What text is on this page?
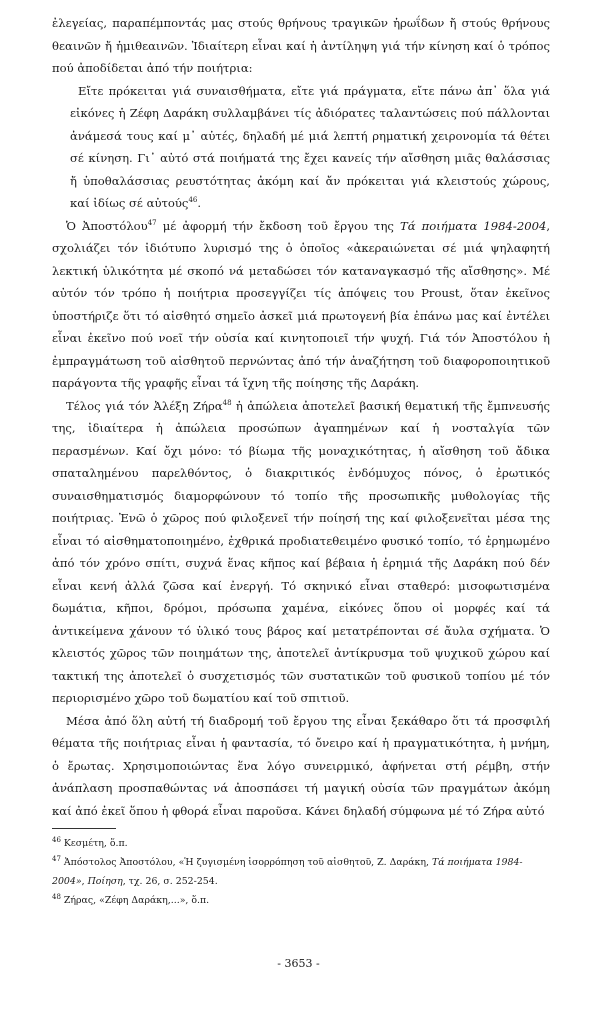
ἐλεγείας, παραπέμποντάς μας στούς θρήνους τραγικῶν ἡρωΐδων ἤ στούς θρήνους θεαινῶν ἤ ἡμιθεαινῶν. Ἰδιαίτερη εἶναι καί ἡ ἀντίληψη γιά τήν κίνηση καί ὁ τρόπος πού ἀποδίδεται ἀπό τήν ποιήτρια:

Εἴτε πρόκειται γιά συναισθήματα, εἴτε γιά πράγματα, εἴτε πάνω ἀπ᾿ ὅλα γιά εἰκόνες ἡ Ζέφη Δαράκη συλλαμβάνει τίς ἀδιόρατες ταλαντώσεις πού πάλλονται ἀνάμεσά τους καί μ᾿ αὐτές, δηλαδή μέ μιά λεπτή ρηματική χειρονομία τά θέτει σέ κίνηση. Γι᾿ αὐτό στά ποιήματά της ἔχει κανείς τήν αἴσθηση μιᾶς θαλάσσιας ἤ ὑποθαλάσσιας ρευστότητας ἀκόμη καί ἄν πρόκειται γιά κλειστούς χώρους, καί ἰδίως σέ αὐτούς$^{46}$.

Ὁ Ἀποστόλου$^{47}$ μέ ἀφορμή τήν ἔκδοση τοῦ ἔργου της Τά ποιήματα 1984-2004, σχολιάζει τόν ἰδιότυπο λυρισμό της ὁ ὁποῖος «ἀκεραιώνεται σέ μιά ψηλαφητή λεκτική ὑλικότητα μέ σκοπό νά μεταδώσει τόν καταναγκασμό τῆς αἴσθησης». Μέ αὐτόν τόν τρόπο ἡ ποιήτρια προσεγγίζει τίς ἀπόψεις του Proust, ὅταν ἐκεῖνος ὑποστήριζε ὅτι τό αἰσθητό σημεῖο ἀσκεῖ μιά πρωτογενή βία ἐπάνω μας καί ἐντέλει εἶναι ἐκεῖνο πού νοεῖ τήν οὐσία καί κινητοποιεῖ τήν ψυχή. Γιά τόν Ἀποστόλου ἡ ἐμπραγμάτωση τοῦ αἰσθητοῦ περνώντας ἀπό τήν ἀναζήτηση τοῦ διαφοροποιητικοῦ παράγοντα τῆς γραφῆς εἶναι τά ἴχνη τῆς ποίησης τῆς Δαράκη.

Τέλος γιά τόν Ἀλέξη Ζήρα$^{48}$ ἡ ἀπώλεια ἀποτελεῖ βασική θεματική τῆς ἔμπνευσής της, ἰδιαίτερα ἡ ἀπώλεια προσώπων ἀγαπημένων καί ἡ νοσταλγία τῶν περασμένων. Καί ὄχι μόνο: τό βίωμα τῆς μοναχικότητας, ἡ αἴσθηση τοῦ ἄδικα σπαταλημένου παρελθόντος, ὁ διακριτικός ἐνδόμυχος πόνος, ὁ ἐρωτικός συναισθηματισμός διαμορφώνουν τό τοπίο τῆς προσωπικῆς μυθολογίας τῆς ποιήτριας. Ἐνῶ ὁ χῶρος πού φιλοξενεῖ τήν ποίησή της καί φιλοξενεῖται μέσα της εἶναι τό αἰσθηματοποιημένο, ἐχθρικά προδιατεθειμένο φυσικό τοπίο, τό ἐρημωμένο ἀπό τόν χρόνο σπίτι, συχνά ἕνας κῆπος καί βέβαια ἡ ἐρημιά τῆς Δαράκη πού δέν εἶναι κενή ἀλλά ζῶσα καί ἐνεργή. Τό σκηνικό εἶναι σταθερό: μισοφωτισμένα δωμάτια, κῆποι, δρόμοι, πρόσωπα χαμένα, εἰκόνες ὅπου οἱ μορφές καί τά ἀντικείμενα χάνουν τό ὑλικό τους βάρος καί μετατρέπονται σέ ἄυλα σχήματα. Ὁ κλειστός χῶρος τῶν ποιημάτων της, ἀποτελεῖ ἀντίκρυσμα τοῦ ψυχικοῦ χώρου καί τακτική της ἀποτελεῖ ὁ συσχετισμός τῶν συστατικῶν τοῦ φυσικοῦ τοπίου μέ τόν περιορισμένο χῶρο τοῦ δωματίου καί τοῦ σπιτιοῦ.

Μέσα ἀπό ὅλη αὐτή τή διαδρομή τοῦ ἔργου της εἶναι ξεκάθαρο ὅτι τά προσφιλή θέματα τῆς ποιήτριας εἶναι ἡ φαντασία, τό ὄνειρο καί ἡ πραγματικότητα, ἡ μνήμη, ὁ ἔρωτας. Χρησιμοποιώντας ἕνα λόγο συνειρμικό, ἀφήνεται στή ρέμβη, στήν ἀνάπλαση προσπαθώντας νά ἀποσπάσει τή μαγική οὐσία τῶν πραγμάτων ἀκόμη καί ἀπό ἐκεῖ ὅπου ἡ φθορά εἶναι παροῦσα. Κάνει δηλαδή σύμφωνα μέ τό Ζήρα αὐτό

$^{46}$ Κεσμέτη, ὅ.π.

$^{47}$ Ἀπόστολος Ἀποστόλου, «Ἡ ζυγισμένη ἰσορρόπηση τοῦ αἰσθητοῦ, Ζ. Δαράκη, Τά ποιήματα 1984-2004», Ποίηση, τχ. 26, σ. 252-254.

$^{48}$ Ζήρας, «Ζέφη Δαράκη,...», ὅ.π.

- 3653 -
